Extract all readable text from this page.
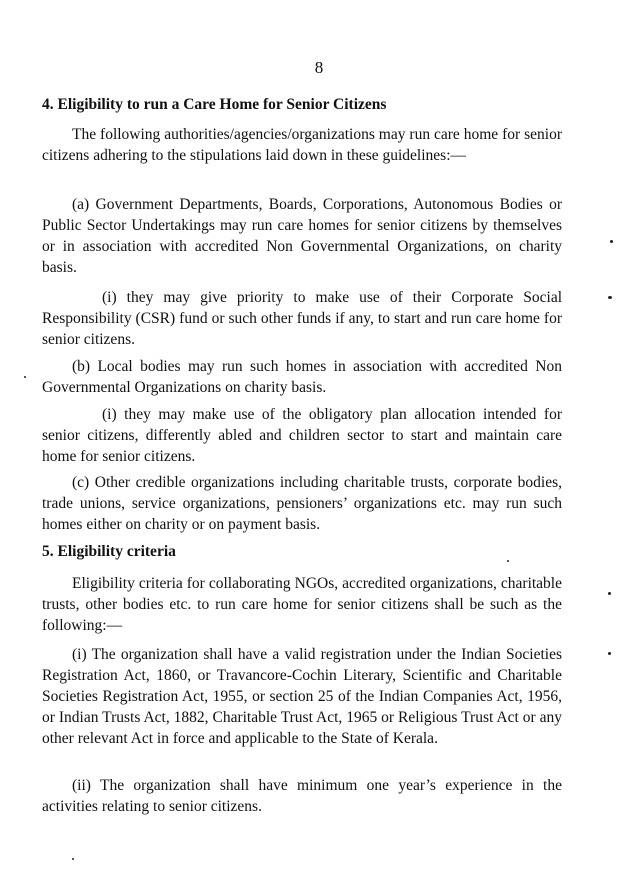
8

4. Eligibility to run a Care Home for Senior Citizens

The following authorities/agencies/organizations may run care home for senior citizens adhering to the stipulations laid down in these guidelines:—

(a) Government Departments, Boards, Corporations, Autonomous Bodies or Public Sector Undertakings may run care homes for senior citizens by themselves or in association with accredited Non Governmental Organizations, on charity basis.

(i) they may give priority to make use of their Corporate Social Responsibility (CSR) fund or such other funds if any, to start and run care home for senior citizens.

(b) Local bodies may run such homes in association with accredited Non Governmental Organizations on charity basis.

(i) they may make use of the obligatory plan allocation intended for senior citizens, differently abled and children sector to start and maintain care home for senior citizens.

(c) Other credible organizations including charitable trusts, corporate bodies, trade unions, service organizations, pensioners’ organizations etc. may run such homes either on charity or on payment basis.

5. Eligibility criteria

Eligibility criteria for collaborating NGOs, accredited organizations, charitable trusts, other bodies etc. to run care home for senior citizens shall be such as the following:—

(i) The organization shall have a valid registration under the Indian Societies Registration Act, 1860, or Travancore-Cochin Literary, Scientific and Charitable Societies Registration Act, 1955, or section 25 of the Indian Companies Act, 1956, or Indian Trusts Act, 1882, Charitable Trust Act, 1965 or Religious Trust Act or any other relevant Act in force and applicable to the State of Kerala.

(ii) The organization shall have minimum one year’s experience in the activities relating to senior citizens.
